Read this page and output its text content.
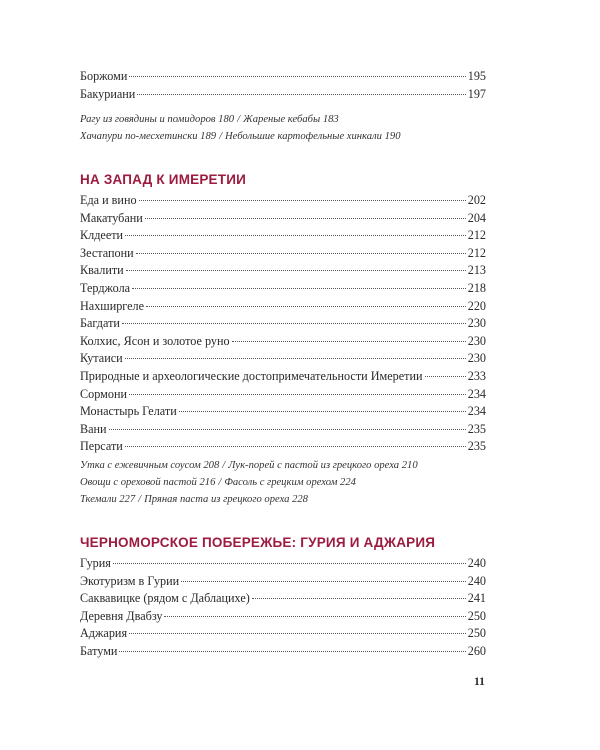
Боржоми	195
Бакуриани	197
Рагу из говядины и помидоров 180 / Жареные кебабы 183
Хачапури по-месхетински 189 / Небольшие картофельные хинкали 190
НА ЗАПАД К ИМЕРЕТИИ
Еда и вино	202
Макатубани	204
Клдеети	212
Зестапони	212
Квалити	213
Терджола	218
Нахширгеле	220
Багдати	230
Колхис, Ясон и золотое руно	230
Кутаиси	230
Природные и археологические достопримечательности Имеретии	233
Сормони	234
Монастырь Гелати	234
Вани	235
Персати	235
Утка с ежевичным соусом 208 / Лук-порей с пастой из грецкого ореха 210
Овощи с ореховой пастой 216 / Фасоль с грецким орехом 224
Ткемали 227 / Пряная паста из грецкого ореха 228
ЧЕРНОМОРСКОЕ ПОБЕРЕЖЬЕ: ГУРИЯ И АДЖАРИЯ
Гурия	240
Экотуризм в Гурии	240
Саквавицке (рядом с Даблацихе)	241
Деревня Двабзу	250
Аджария	250
Батуми	260
11
